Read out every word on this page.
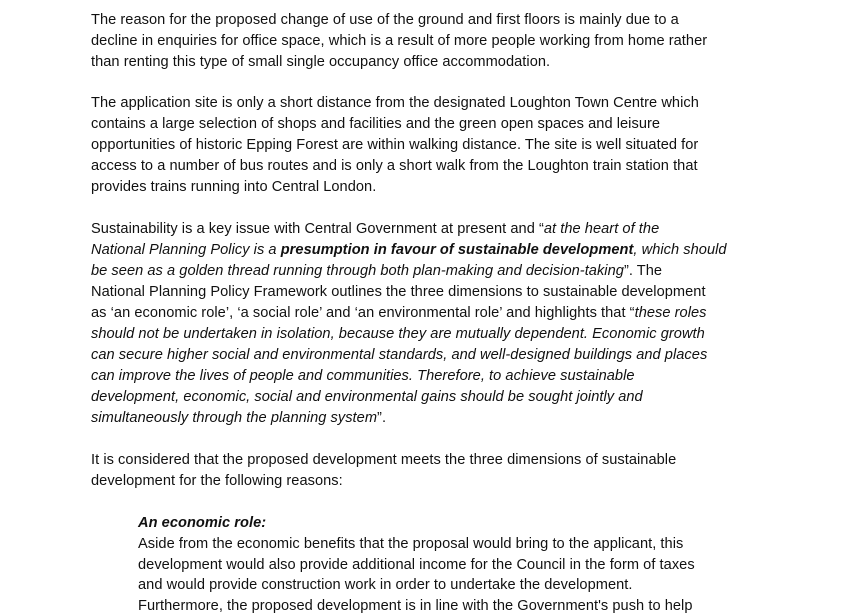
The reason for the proposed change of use of the ground and first floors is mainly due to a
decline in enquiries for office space, which is a result of more people working from home rather
than renting this type of small single occupancy office accommodation.
The application site is only a short distance from the designated Loughton Town Centre which
contains a large selection of shops and facilities and the green open spaces and leisure
opportunities of historic Epping Forest are within walking distance. The site is well situated for
access to a number of bus routes and is only a short walk from the Loughton train station that
provides trains running into Central London.
Sustainability is a key issue with Central Government at present and “at the heart of the
National Planning Policy is a presumption in favour of sustainable development, which should
be seen as a golden thread running through both plan-making and decision-taking”. The
National Planning Policy Framework outlines the three dimensions to sustainable development
as ‘an economic role’, ‘a social role’ and ‘an environmental role’ and highlights that “these roles
should not be undertaken in isolation, because they are mutually dependent. Economic growth
can secure higher social and environmental standards, and well-designed buildings and places
can improve the lives of people and communities. Therefore, to achieve sustainable
development, economic, social and environmental gains should be sought jointly and
simultaneously through the planning system”.
It is considered that the proposed development meets the three dimensions of sustainable
development for the following reasons:
An economic role:
Aside from the economic benefits that the proposal would bring to the applicant, this
development would also provide additional income for the Council in the form of taxes
and would provide construction work in order to undertake the development.
Furthermore, the proposed development is in line with the Government's push to help
